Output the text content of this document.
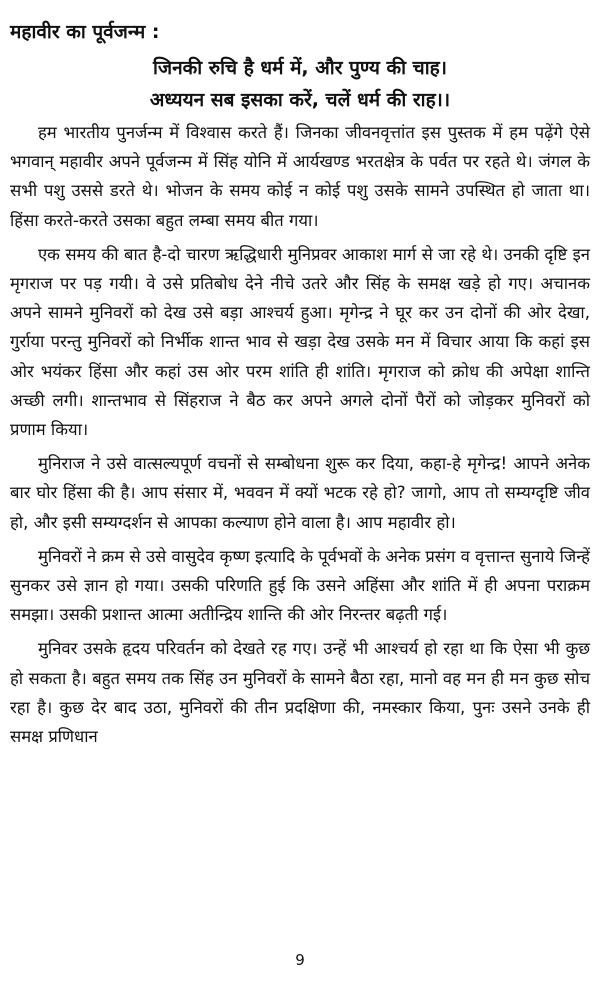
महावीर का पूर्वजन्म :

जिनकी रुचि है धर्म में, और पुण्य की चाह।

अध्ययन सब इसका करें, चलें धर्म की राह।।

हम भारतीय पुनर्जन्म में विश्वास करते हैं। जिनका जीवनवृत्तांत इस पुस्तक में हम पढ़ेंगे ऐसे भगवान् महावीर अपने पूर्वजन्म में सिंह योनि में आर्यखण्ड भरतक्षेत्र के पर्वत पर रहते थे। जंगल के सभी पशु उससे डरते थे। भोजन के समय कोई न कोई पशु उसके सामने उपस्थित हो जाता था। हिंसा करते-करते उसका बहुत लम्बा समय बीत गया।

एक समय की बात है-दो चारण ऋद्धिधारी मुनिप्रवर आकाश मार्ग से जा रहे थे। उनकी दृष्टि इन मृगराज पर पड़ गयी। वे उसे प्रतिबोध देने नीचे उतरे और सिंह के समक्ष खड़े हो गए। अचानक अपने सामने मुनिवरों को देख उसे बड़ा आश्चर्य हुआ। मृगेन्द्र ने घूर कर उन दोनों की ओर देखा, गुर्राया परन्तु मुनिवरों को निर्भीक शान्त भाव से खड़ा देख उसके मन में विचार आया कि कहां इस ओर भयंकर हिंसा और कहां उस ओर परम शांति ही शांति। मृगराज को क्रोध की अपेक्षा शान्ति अच्छी लगी। शान्तभाव से सिंहराज ने बैठ कर अपने अगले दोनों पैरों को जोड़कर मुनिवरों को प्रणाम किया।

मुनिराज ने उसे वात्सल्यपूर्ण वचनों से सम्बोधना शुरू कर दिया, कहा-हे मृगेन्द्र! आपने अनेक बार घोर हिंसा की है। आप संसार में, भववन में क्यों भटक रहे हो? जागो, आप तो सम्यग्दृष्टि जीव हो, और इसी सम्यग्दर्शन से आपका कल्याण होने वाला है। आप महावीर हो।

मुनिवरों ने क्रम से उसे वासुदेव कृष्ण इत्यादि के पूर्वभवों के अनेक प्रसंग व वृत्तान्त सुनाये जिन्हें सुनकर उसे ज्ञान हो गया। उसकी परिणति हुई कि उसने अहिंसा और शांति में ही अपना पराक्रम समझा। उसकी प्रशान्त आत्मा अतीन्द्रिय शान्ति की ओर निरन्तर बढ़ती गई।

मुनिवर उसके हृदय परिवर्तन को देखते रह गए। उन्हें भी आश्चर्य हो रहा था कि ऐसा भी कुछ हो सकता है। बहुत समय तक सिंह उन मुनिवरों के सामने बैठा रहा, मानो वह मन ही मन कुछ सोच रहा है। कुछ देर बाद उठा, मुनिवरों की तीन प्रदक्षिणा की, नमस्कार किया, पुनः उसने उनके ही समक्ष प्रणिधान

9
